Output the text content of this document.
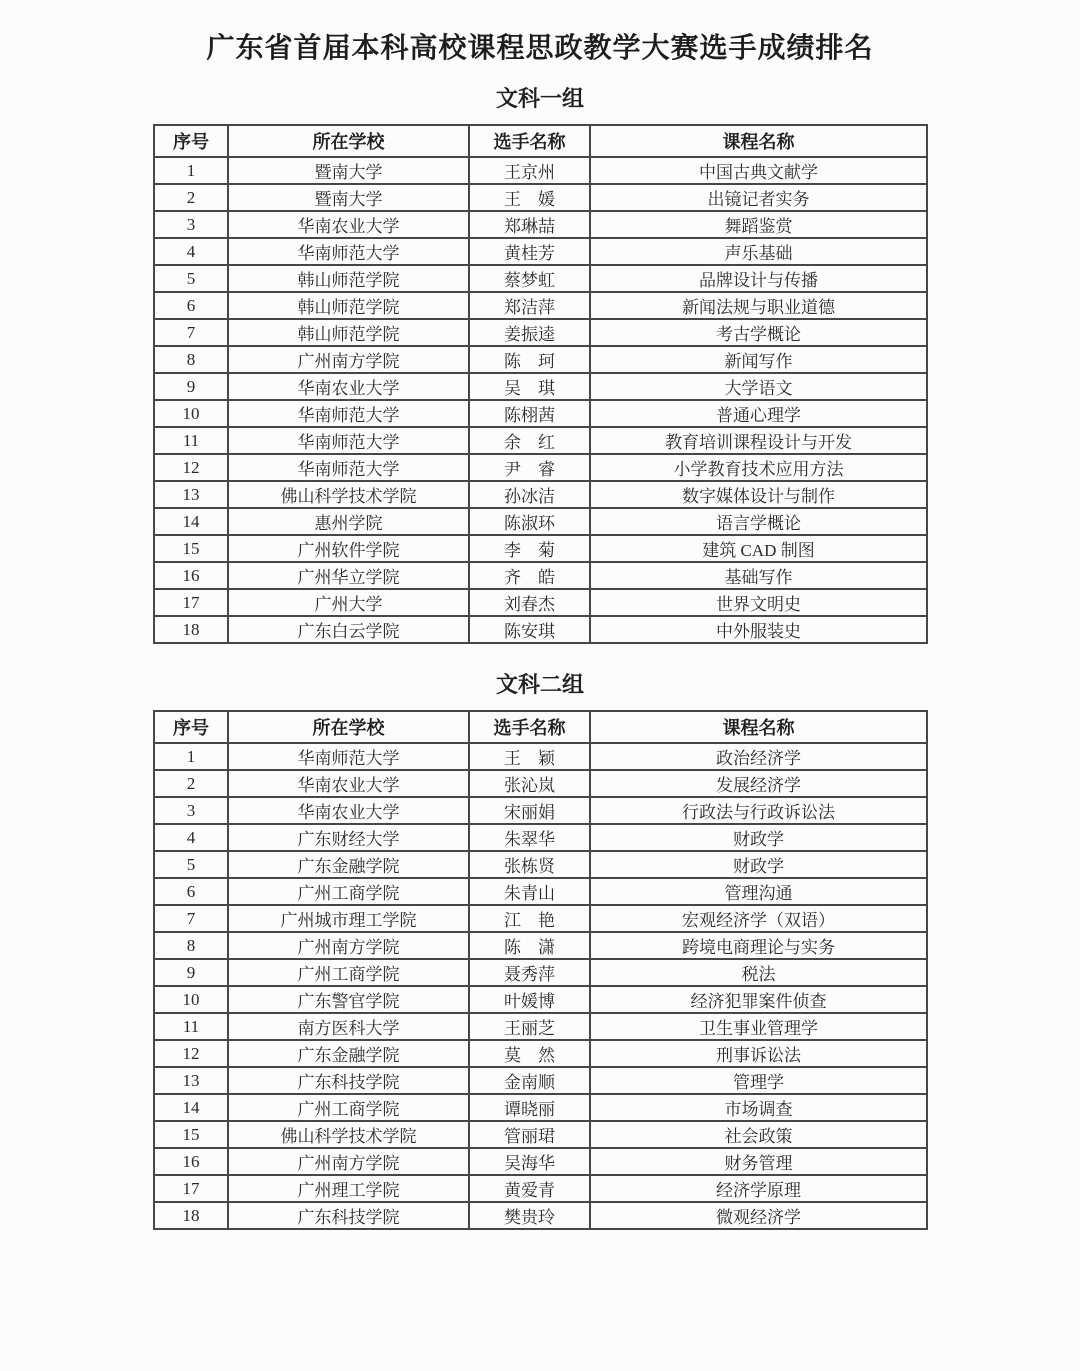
广东省首届本科高校课程思政教学大赛选手成绩排名
文科一组
序号	所在学校	选手名称	课程名称
1	暨南大学	王京州	中国古典文献学
2	暨南大学	王　媛	出镜记者实务
3	华南农业大学	郑琳喆	舞蹈鉴赏
4	华南师范大学	黄桂芳	声乐基础
5	韩山师范学院	蔡梦虹	品牌设计与传播
6	韩山师范学院	郑洁萍	新闻法规与职业道德
7	韩山师范学院	姜振逵	考古学概论
8	广州南方学院	陈　珂	新闻写作
9	华南农业大学	吴　琪	大学语文
10	华南师范大学	陈栩茜	普通心理学
11	华南师范大学	余　红	教育培训课程设计与开发
12	华南师范大学	尹　睿	小学教育技术应用方法
13	佛山科学技术学院	孙冰洁	数字媒体设计与制作
14	惠州学院	陈淑环	语言学概论
15	广州软件学院	李　菊	建筑 CAD 制图
16	广州华立学院	齐　皓	基础写作
17	广州大学	刘春杰	世界文明史
18	广东白云学院	陈安琪	中外服装史
文科二组
序号	所在学校	选手名称	课程名称
1	华南师范大学	王　颖	政治经济学
2	华南农业大学	张沁岚	发展经济学
3	华南农业大学	宋丽娟	行政法与行政诉讼法
4	广东财经大学	朱翠华	财政学
5	广东金融学院	张栋贤	财政学
6	广州工商学院	朱青山	管理沟通
7	广州城市理工学院	江　艳	宏观经济学（双语）
8	广州南方学院	陈　潇	跨境电商理论与实务
9	广州工商学院	聂秀萍	税法
10	广东警官学院	叶媛博	经济犯罪案件侦查
11	南方医科大学	王丽芝	卫生事业管理学
12	广东金融学院	莫　然	刑事诉讼法
13	广东科技学院	金南顺	管理学
14	广州工商学院	谭晓丽	市场调查
15	佛山科学技术学院	管丽珺	社会政策
16	广州南方学院	吴海华	财务管理
17	广州理工学院	黄爱青	经济学原理
18	广东科技学院	樊贵玲	微观经济学
